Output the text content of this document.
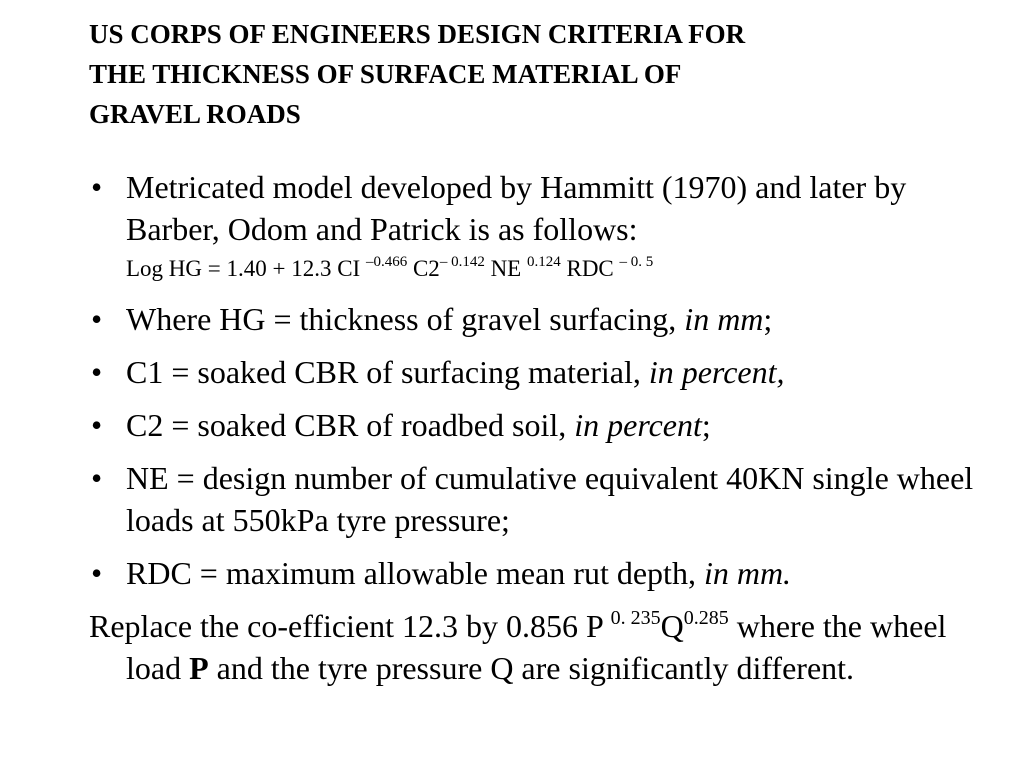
US CORPS OF ENGINEERS DESIGN CRITERIA FOR
THE THICKNESS OF SURFACE MATERIAL OF
GRAVEL ROADS
• Metricated model developed by Hammitt (1970) and later by Barber, Odom and Patrick is as follows:
Log HG = 1.40 + 12.3 CI $^{-0.466}$ $C2^{- 0.142}$ NE $^{0.124}$ RDC $^{- 0. 5}$
• Where HG = thickness of gravel surfacing, in mm;
• C1 = soaked CBR of surfacing material, in percent,
• C2 = soaked CBR of roadbed soil, in percent;
• NE = design number of cumulative equivalent 40KN single wheel loads at 550kPa tyre pressure;
• RDC = maximum allowable mean rut depth, in mm.

Replace the co-efficient 12.3 by 0.856 P $^{0. 235}Q^{0.285}$ where the wheel load P and the tyre pressure Q are significantly different.
